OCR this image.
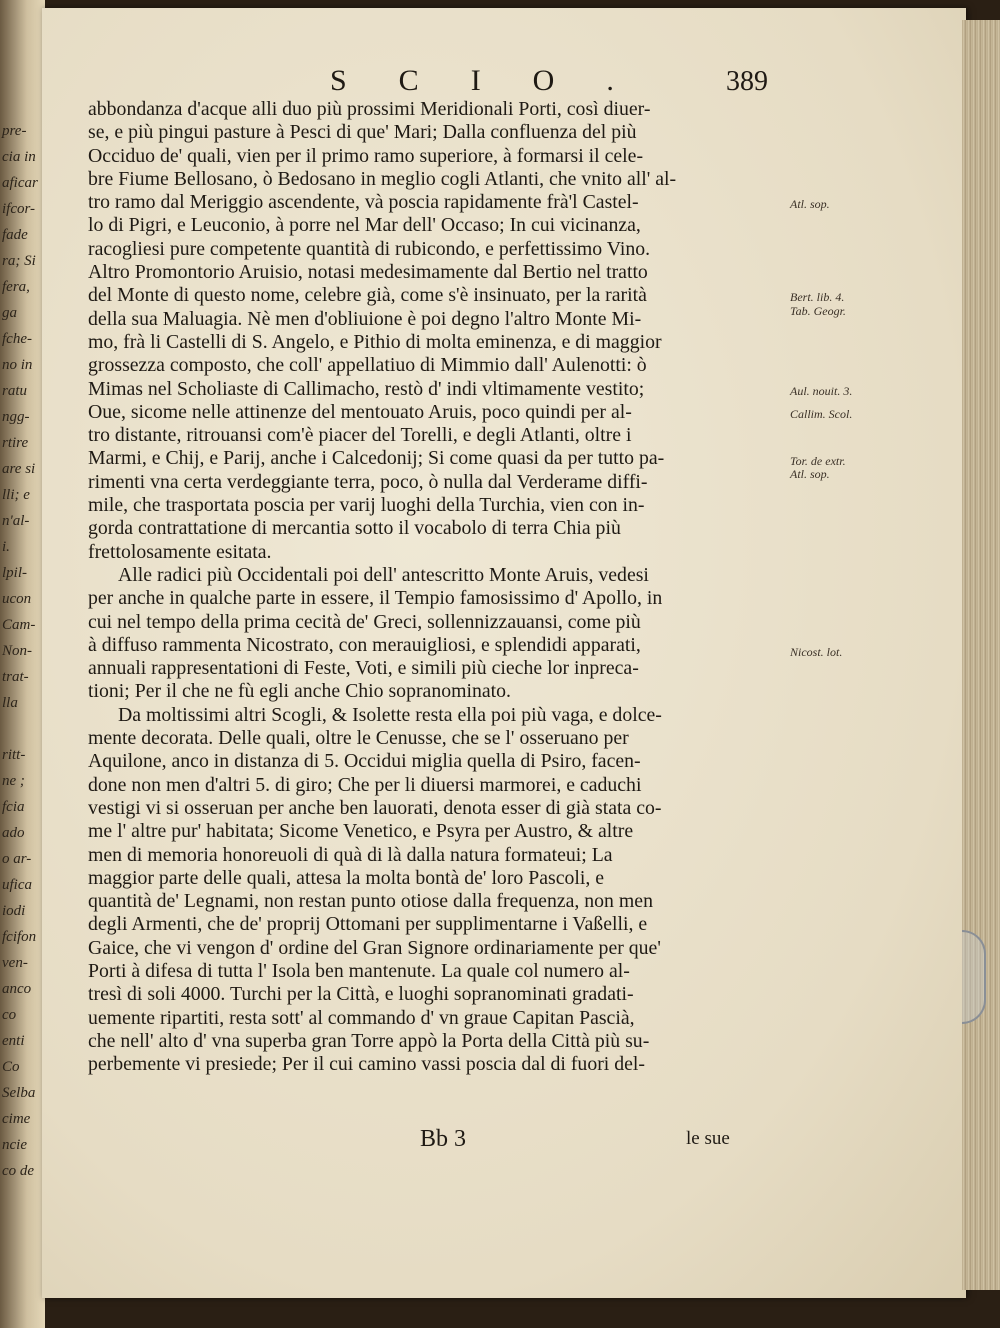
pre-
cia in
aficar
ifcor-
fade
ra; Si
fera,
ga
fche-
no in
ratu
ngg-
rtire
are si
lli; e
n'al-
i.
lpil-
ucon
Cam-
Non-
trat-
lla
ritt-
ne ;
fcia
ado
o ar-
ufica
iodi
fcifon
ven-
anco
co
enti
Co
Selba
cime
ncie
co de
SCIO. 389
abbondanza d'acque alli duo più prossimi Meridionali Porti, così diuer-
se, e più pingui pasture à Pesci di que' Mari; Dalla confluenza del più
Occiduo de' quali, vien per il primo ramo superiore, à formarsi il cele-
bre Fiume Bellosano, ò Bedosano in meglio cogli Atlanti, che vnito all' al-
tro ramo dal Meriggio ascendente, và poscia rapidamente frà'l Castel-
lo di Pigri, e Leuconio, à porre nel Mar dell' Occaso; In cui vicinanza,
racogliesi pure competente quantità di rubicondo, e perfettissimo Vino.
Altro Promontorio Aruisio, notasi medesimamente dal Bertio nel tratto
del Monte di questo nome, celebre già, come s'è insinuato, per la rarità
della sua Maluagia. Nè men d'obliuione è poi degno l'altro Monte Mi-
mo, frà li Castelli di S. Angelo, e Pithio di molta eminenza, e di maggior
grossezza composto, che coll' appellatiuo di Mimmio dall' Aulenotti: ò
Mimas nel Scholiaste di Callimacho, restò d' indi vltimamente vestito;
Oue, sicome nelle attinenze del mentouato Aruis, poco quindi per al-
tro distante, ritrouansi com'è piacer del Torelli, e degli Atlanti, oltre i
Marmi, e Chij, e Parij, anche i Calcedonij; Si come quasi da per tutto pa-
rimenti vna certa verdeggiante terra, poco, ò nulla dal Verderame diffi-
mile, che trasportata poscia per varij luoghi della Turchia, vien con in-
gorda contrattatione di mercantia sotto il vocabolo di terra Chia più
frettolosamente esitata.
Alle radici più Occidentali poi dell' antescritto Monte Aruis, vedesi
per anche in qualche parte in essere, il Tempio famosissimo d' Apollo, in
cui nel tempo della prima cecità de' Greci, sollennizzauansi, come più
à diffuso rammenta Nicostrato, con merauigliosi, e splendidi apparati,
annuali rappresentationi di Feste, Voti, e simili più cieche lor inpreca-
tioni; Per il che ne fù egli anche Chio sopranominato.
Da moltissimi altri Scogli, & Isolette resta ella poi più vaga, e dolce-
mente decorata. Delle quali, oltre le Cenusse, che se l' osseruano per
Aquilone, anco in distanza di 5. Occidui miglia quella di Psiro, facen-
done non men d'altri 5. di giro; Che per li diuersi marmorei, e caduchi
vestigi vi si osseruan per anche ben lauorati, denota esser di già stata co-
me l' altre pur' habitata; Sicome Venetico, e Psyra per Austro, & altre
men di memoria honoreuoli di quà di là dalla natura formateui; La
maggior parte delle quali, attesa la molta bontà de' loro Pascoli, e
quantità de' Legnami, non restan punto otiose dalla frequenza, non men
degli Armenti, che de' proprij Ottomani per supplimentarne i Vaßelli, e
Gaice, che vi vengon d' ordine del Gran Signore ordinariamente per que'
Porti à difesa di tutta l' Isola ben mantenute. La quale col numero al-
tresì di soli 4000. Turchi per la Città, e luoghi sopranominati gradati-
uemente ripartiti, resta sott' al commando d' vn graue Capitan Pascià,
che nell' alto d' vna superba gran Torre appò la Porta della Città più su-
perbemente vi presiede; Per il cui camino vassi poscia dal di fuori del-
Atl. sop.
Bert. lib. 4.
Tab. Geogr.
Aul. nouit. 3.
Callim. Scol.
Tor. de extr.
Atl. sop.
Nicost. lot.
Bb 3	le sue
